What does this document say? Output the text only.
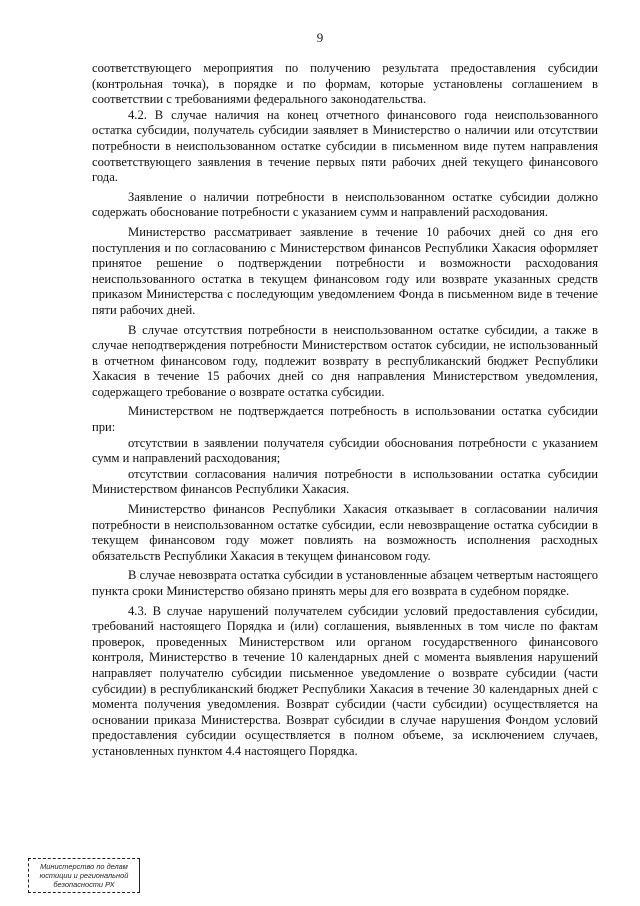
9

соответствующего мероприятия по получению результата предоставления субсидии (контрольная точка), в порядке и по формам, которые установлены соглашением в соответствии с требованиями федерального законодательства.

4.2. В случае наличия на конец отчетного финансового года неиспользованного остатка субсидии, получатель субсидии заявляет в Министерство о наличии или отсутствии потребности в неиспользованном остатке субсидии в письменном виде путем направления соответствующего заявления в течение первых пяти рабочих дней текущего финансового года.

Заявление о наличии потребности в неиспользованном остатке субсидии должно содержать обоснование потребности с указанием сумм и направлений расходования.

Министерство рассматривает заявление в течение 10 рабочих дней со дня его поступления и по согласованию с Министерством финансов Республики Хакасия оформляет принятое решение о подтверждении потребности и возможности расходования неиспользованного остатка в текущем финансовом году или возврате указанных средств приказом Министерства с последующим уведомлением Фонда в письменном виде в течение пяти рабочих дней.

В случае отсутствия потребности в неиспользованном остатке субсидии, а также в случае неподтверждения потребности Министерством остаток субсидии, не использованный в отчетном финансовом году, подлежит возврату в республиканский бюджет Республики Хакасия в течение 15 рабочих дней со дня направления Министерством уведомления, содержащего требование о возврате остатка субсидии.

Министерством не подтверждается потребность в использовании остатка субсидии при:

отсутствии в заявлении получателя субсидии обоснования потребности с указанием сумм и направлений расходования;

отсутствии согласования наличия потребности в использовании остатка субсидии Министерством финансов Республики Хакасия.

Министерство финансов Республики Хакасия отказывает в согласовании наличия потребности в неиспользованном остатке субсидии, если невозвращение остатка субсидии в текущем финансовом году может повлиять на возможность исполнения расходных обязательств Республики Хакасия в текущем финансовом году.

В случае невозврата остатка субсидии в установленные абзацем четвертым настоящего пункта сроки Министерство обязано принять меры для его возврата в судебном порядке.

4.3. В случае нарушений получателем субсидии условий предоставления субсидии, требований настоящего Порядка и (или) соглашения, выявленных в том числе по фактам проверок, проведенных Министерством или органом государственного финансового контроля, Министерство в течение 10 календарных дней с момента выявления нарушений направляет получателю субсидии письменное уведомление о возврате субсидии (части субсидии) в республиканский бюджет Республики Хакасия в течение 30 календарных дней с момента получения уведомления. Возврат субсидии (части субсидии) осуществляется на основании приказа Министерства. Возврат субсидии в случае нарушения Фондом условий предоставления субсидии осуществляется в полном объеме, за исключением случаев, установленных пунктом 4.4 настоящего Порядка.

Министерство по делам
юстиции и региональной
безопасности РХ
